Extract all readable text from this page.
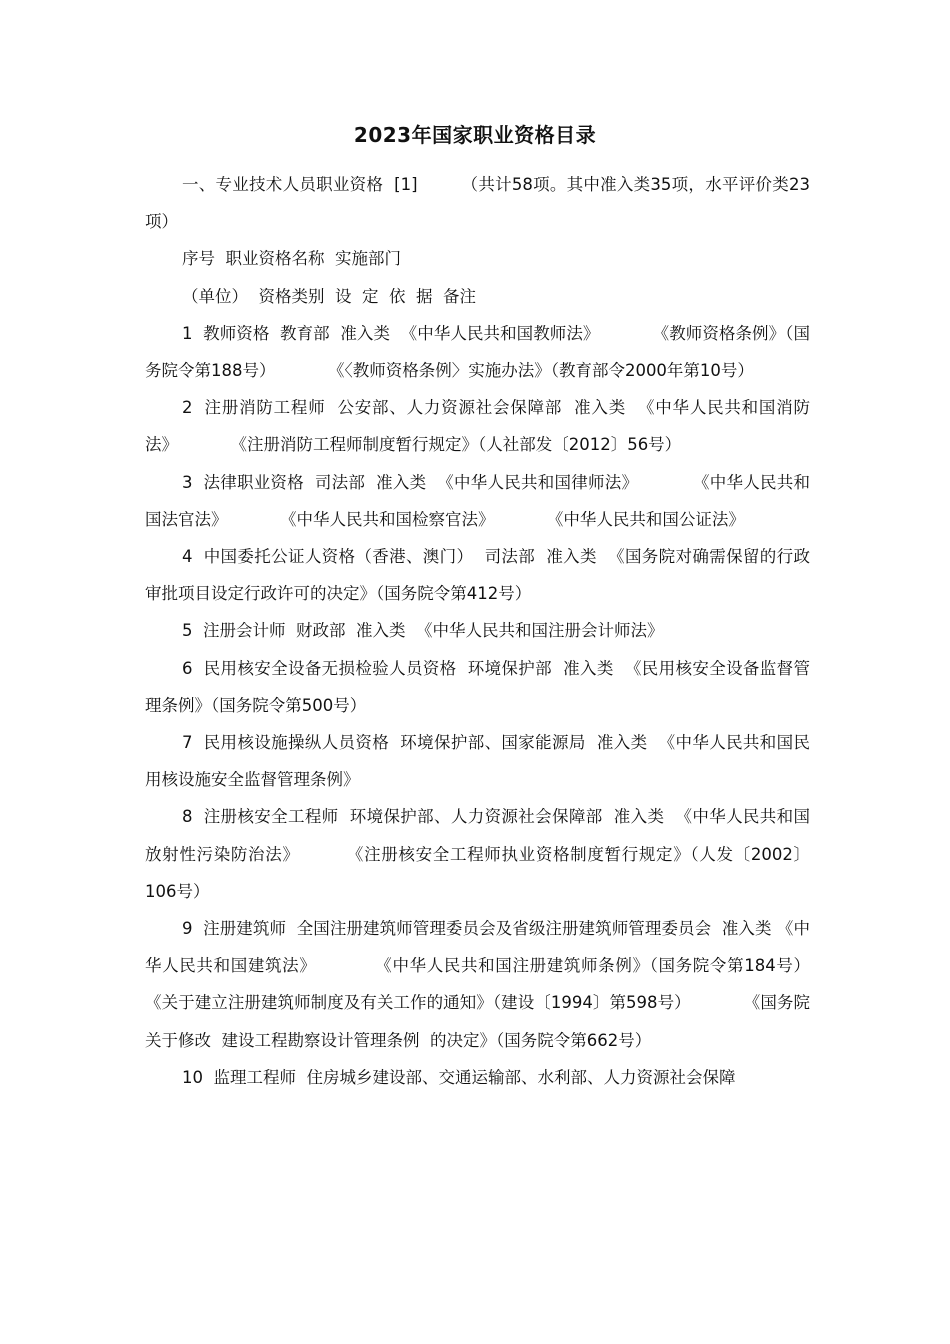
2023年国家职业资格目录

一、专业技术人员职业资格  [1]        （共计58项。其中准入类35项，水平评价类23项）

序号  职业资格名称  实施部门

（单位）  资格类别  设  定  依  据  备注

1  教师资格  教育部  准入类  《中华人民共和国教师法》          《教师资格条例》（国务院令第188号）          《〈教师资格条例〉实施办法》（教育部令2000年第10号）

2  注册消防工程师  公安部、人力资源社会保障部  准入类  《中华人民共和国消防法》          《注册消防工程师制度暂行规定》（人社部发〔2012〕56号）

3  法律职业资格  司法部  准入类  《中华人民共和国律师法》          《中华人民共和国法官法》          《中华人民共和国检察官法》          《中华人民共和国公证法》

4  中国委托公证人资格（香港、澳门）  司法部  准入类  《国务院对确需保留的行政审批项目设定行政许可的决定》（国务院令第412号）

5  注册会计师  财政部  准入类  《中华人民共和国注册会计师法》

6  民用核安全设备无损检验人员资格  环境保护部  准入类  《民用核安全设备监督管理条例》（国务院令第500号）

7  民用核设施操纵人员资格  环境保护部、国家能源局  准入类  《中华人民共和国民用核设施安全监督管理条例》

8  注册核安全工程师  环境保护部、人力资源社会保障部  准入类  《中华人民共和国放射性污染防治法》        《注册核安全工程师执业资格制度暂行规定》（人发〔2002〕106号）

9  注册建筑师  全国注册建筑师管理委员会及省级注册建筑师管理委员会  准入类 《中华人民共和国建筑法》          《中华人民共和国注册建筑师条例》（国务院令第184号）          《关于建立注册建筑师制度及有关工作的通知》（建设〔1994〕第598号）          《国务院关于修改  建设工程勘察设计管理条例  的决定》（国务院令第662号）

10  监理工程师  住房城乡建设部、交通运输部、水利部、人力资源社会保障
